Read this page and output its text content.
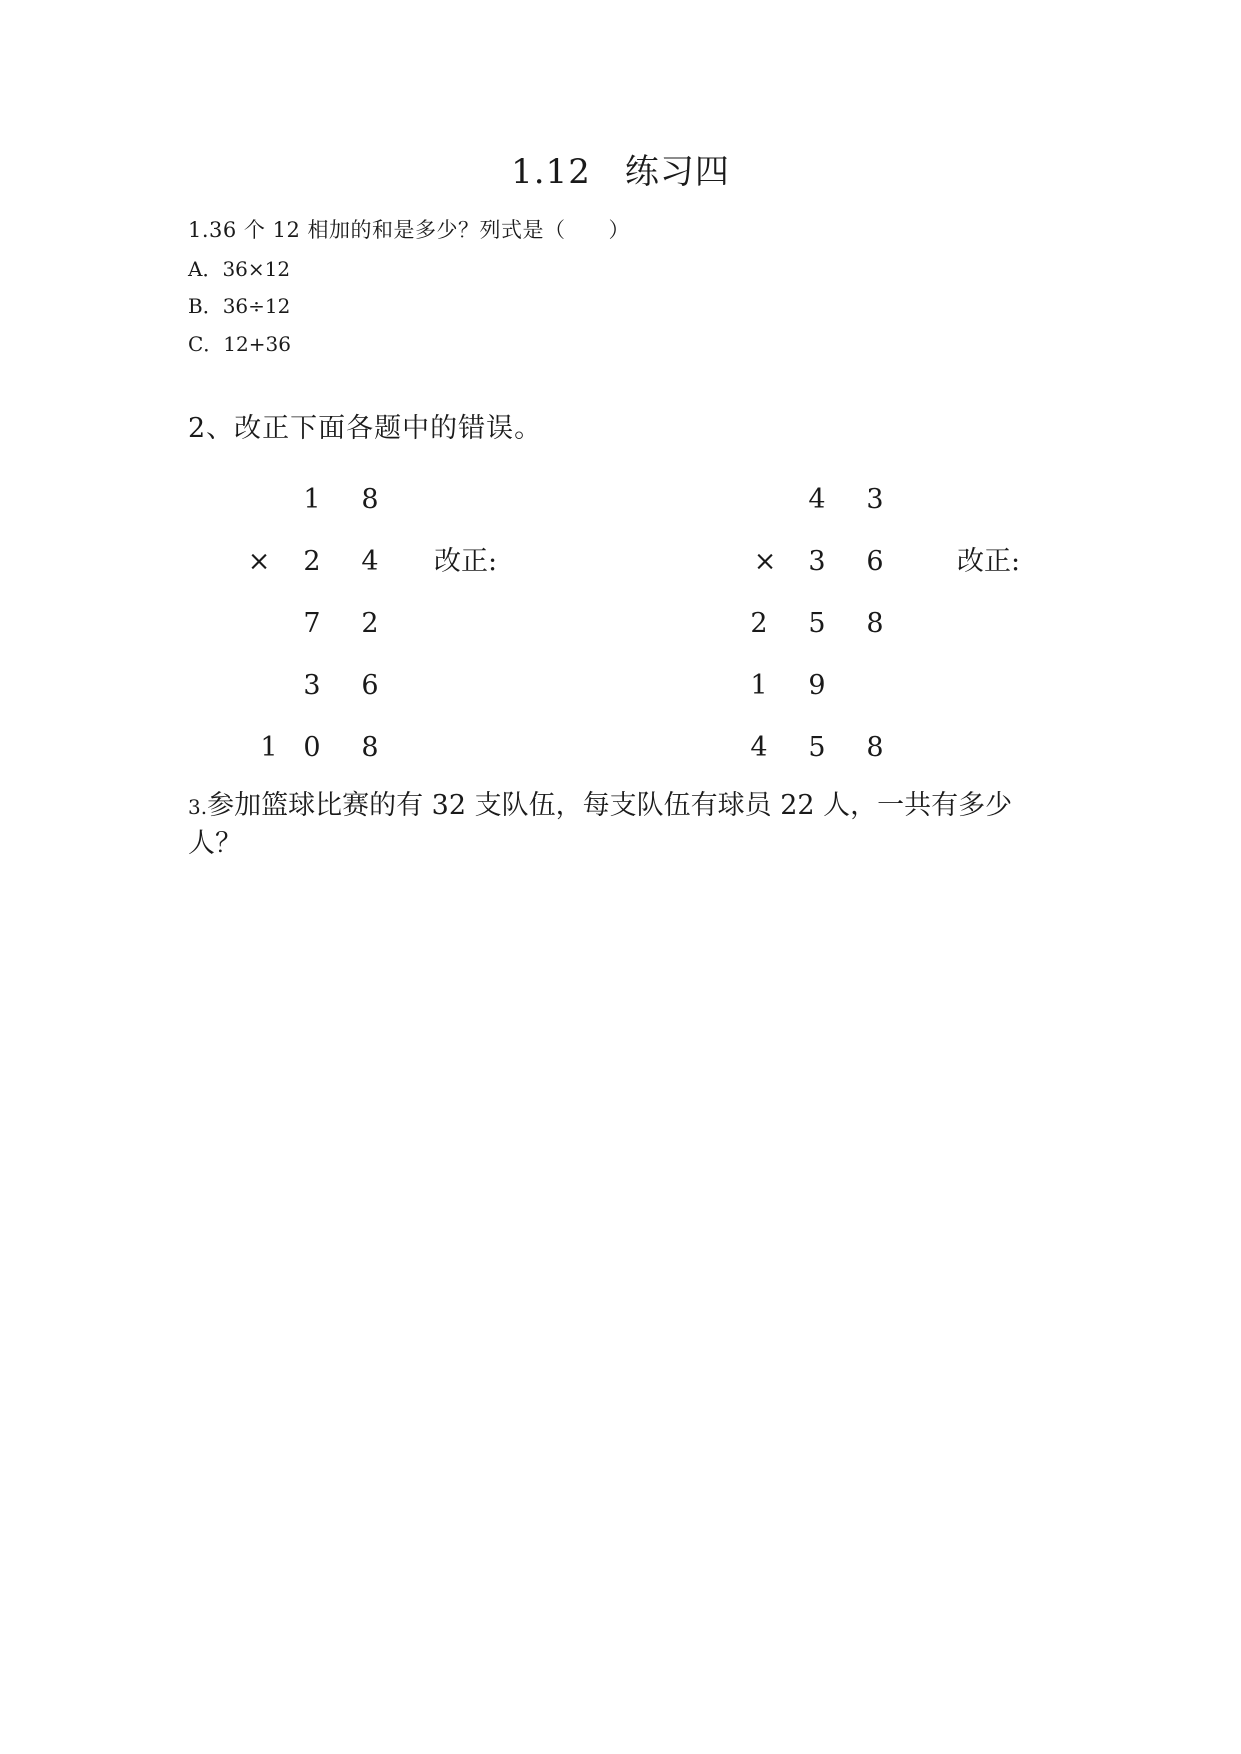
1.12 练习四
1.36 个 12 相加的和是多少？列式是（　　）
A．36×12
B．36÷12
C．12+36
2、改正下面各题中的错误。
1 8
× 2 4
7 2
3 6
1 0 8
改正:
4 3
× 3 6
2 5 8
1 9
4 5 8
改正:
3.参加篮球比赛的有 32 支队伍，每支队伍有球员 22 人，一共有多少
人？
